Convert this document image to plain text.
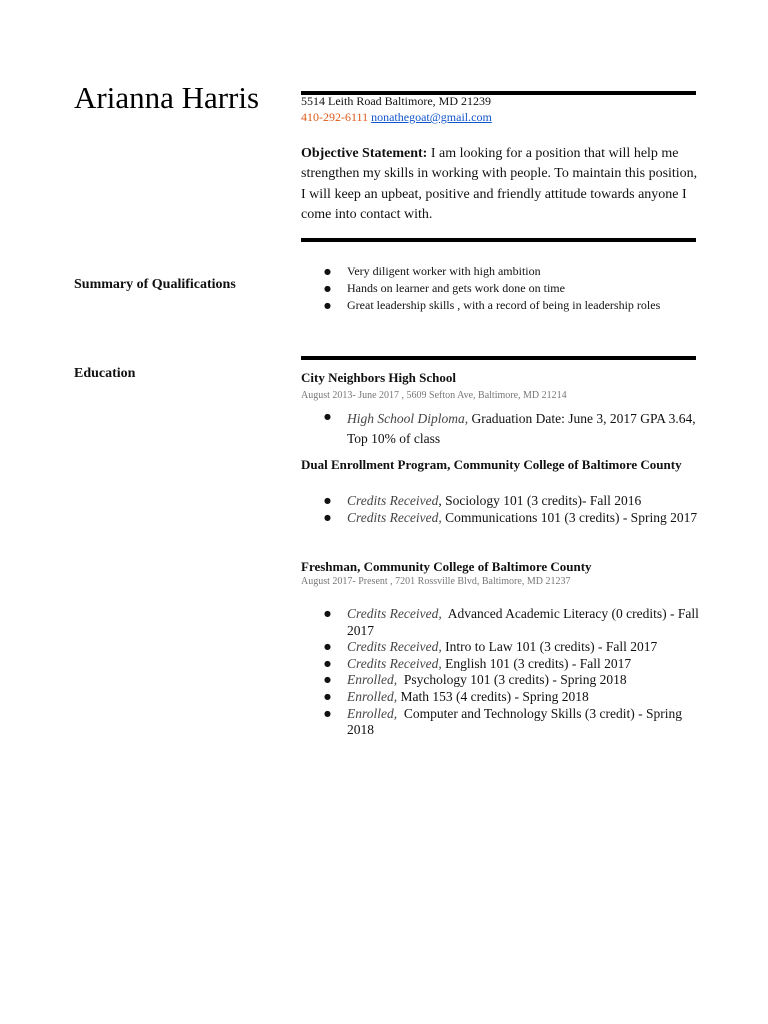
Arianna Harris	5514 Leith Road Baltimore, MD 21239
410-292-6111 nonathegoat@gmail.com
Objective Statement: I am looking for a position that will help me strengthen my skills in working with people. To maintain this position, I will keep an upbeat, positive and friendly attitude towards anyone I come into contact with.
Summary of Qualifications
● Very diligent worker with high ambition
● Hands on learner and gets work done on time
● Great leadership skills , with a record of being in leadership roles
Education	City Neighbors High School
August 2013- June 2017 , 5609 Sefton Ave, Baltimore, MD 21214
● High School Diploma, Graduation Date: June 3, 2017 GPA 3.64, Top 10% of class
Dual Enrollment Program, Community College of Baltimore County
● Credits Received, Sociology 101 (3 credits)- Fall 2016
● Credits Received, Communications 101 (3 credits) - Spring 2017
Freshman, Community College of Baltimore County
August 2017- Present , 7201 Rossville Blvd, Baltimore, MD 21237
● Credits Received, Advanced Academic Literacy (0 credits) - Fall 2017
● Credits Received, Intro to Law 101 (3 credits) - Fall 2017
● Credits Received, English 101 (3 credits) - Fall 2017
● Enrolled, Psychology 101 (3 credits) - Spring 2018
● Enrolled, Math 153 (4 credits) - Spring 2018
● Enrolled, Computer and Technology Skills (3 credit) - Spring 2018
